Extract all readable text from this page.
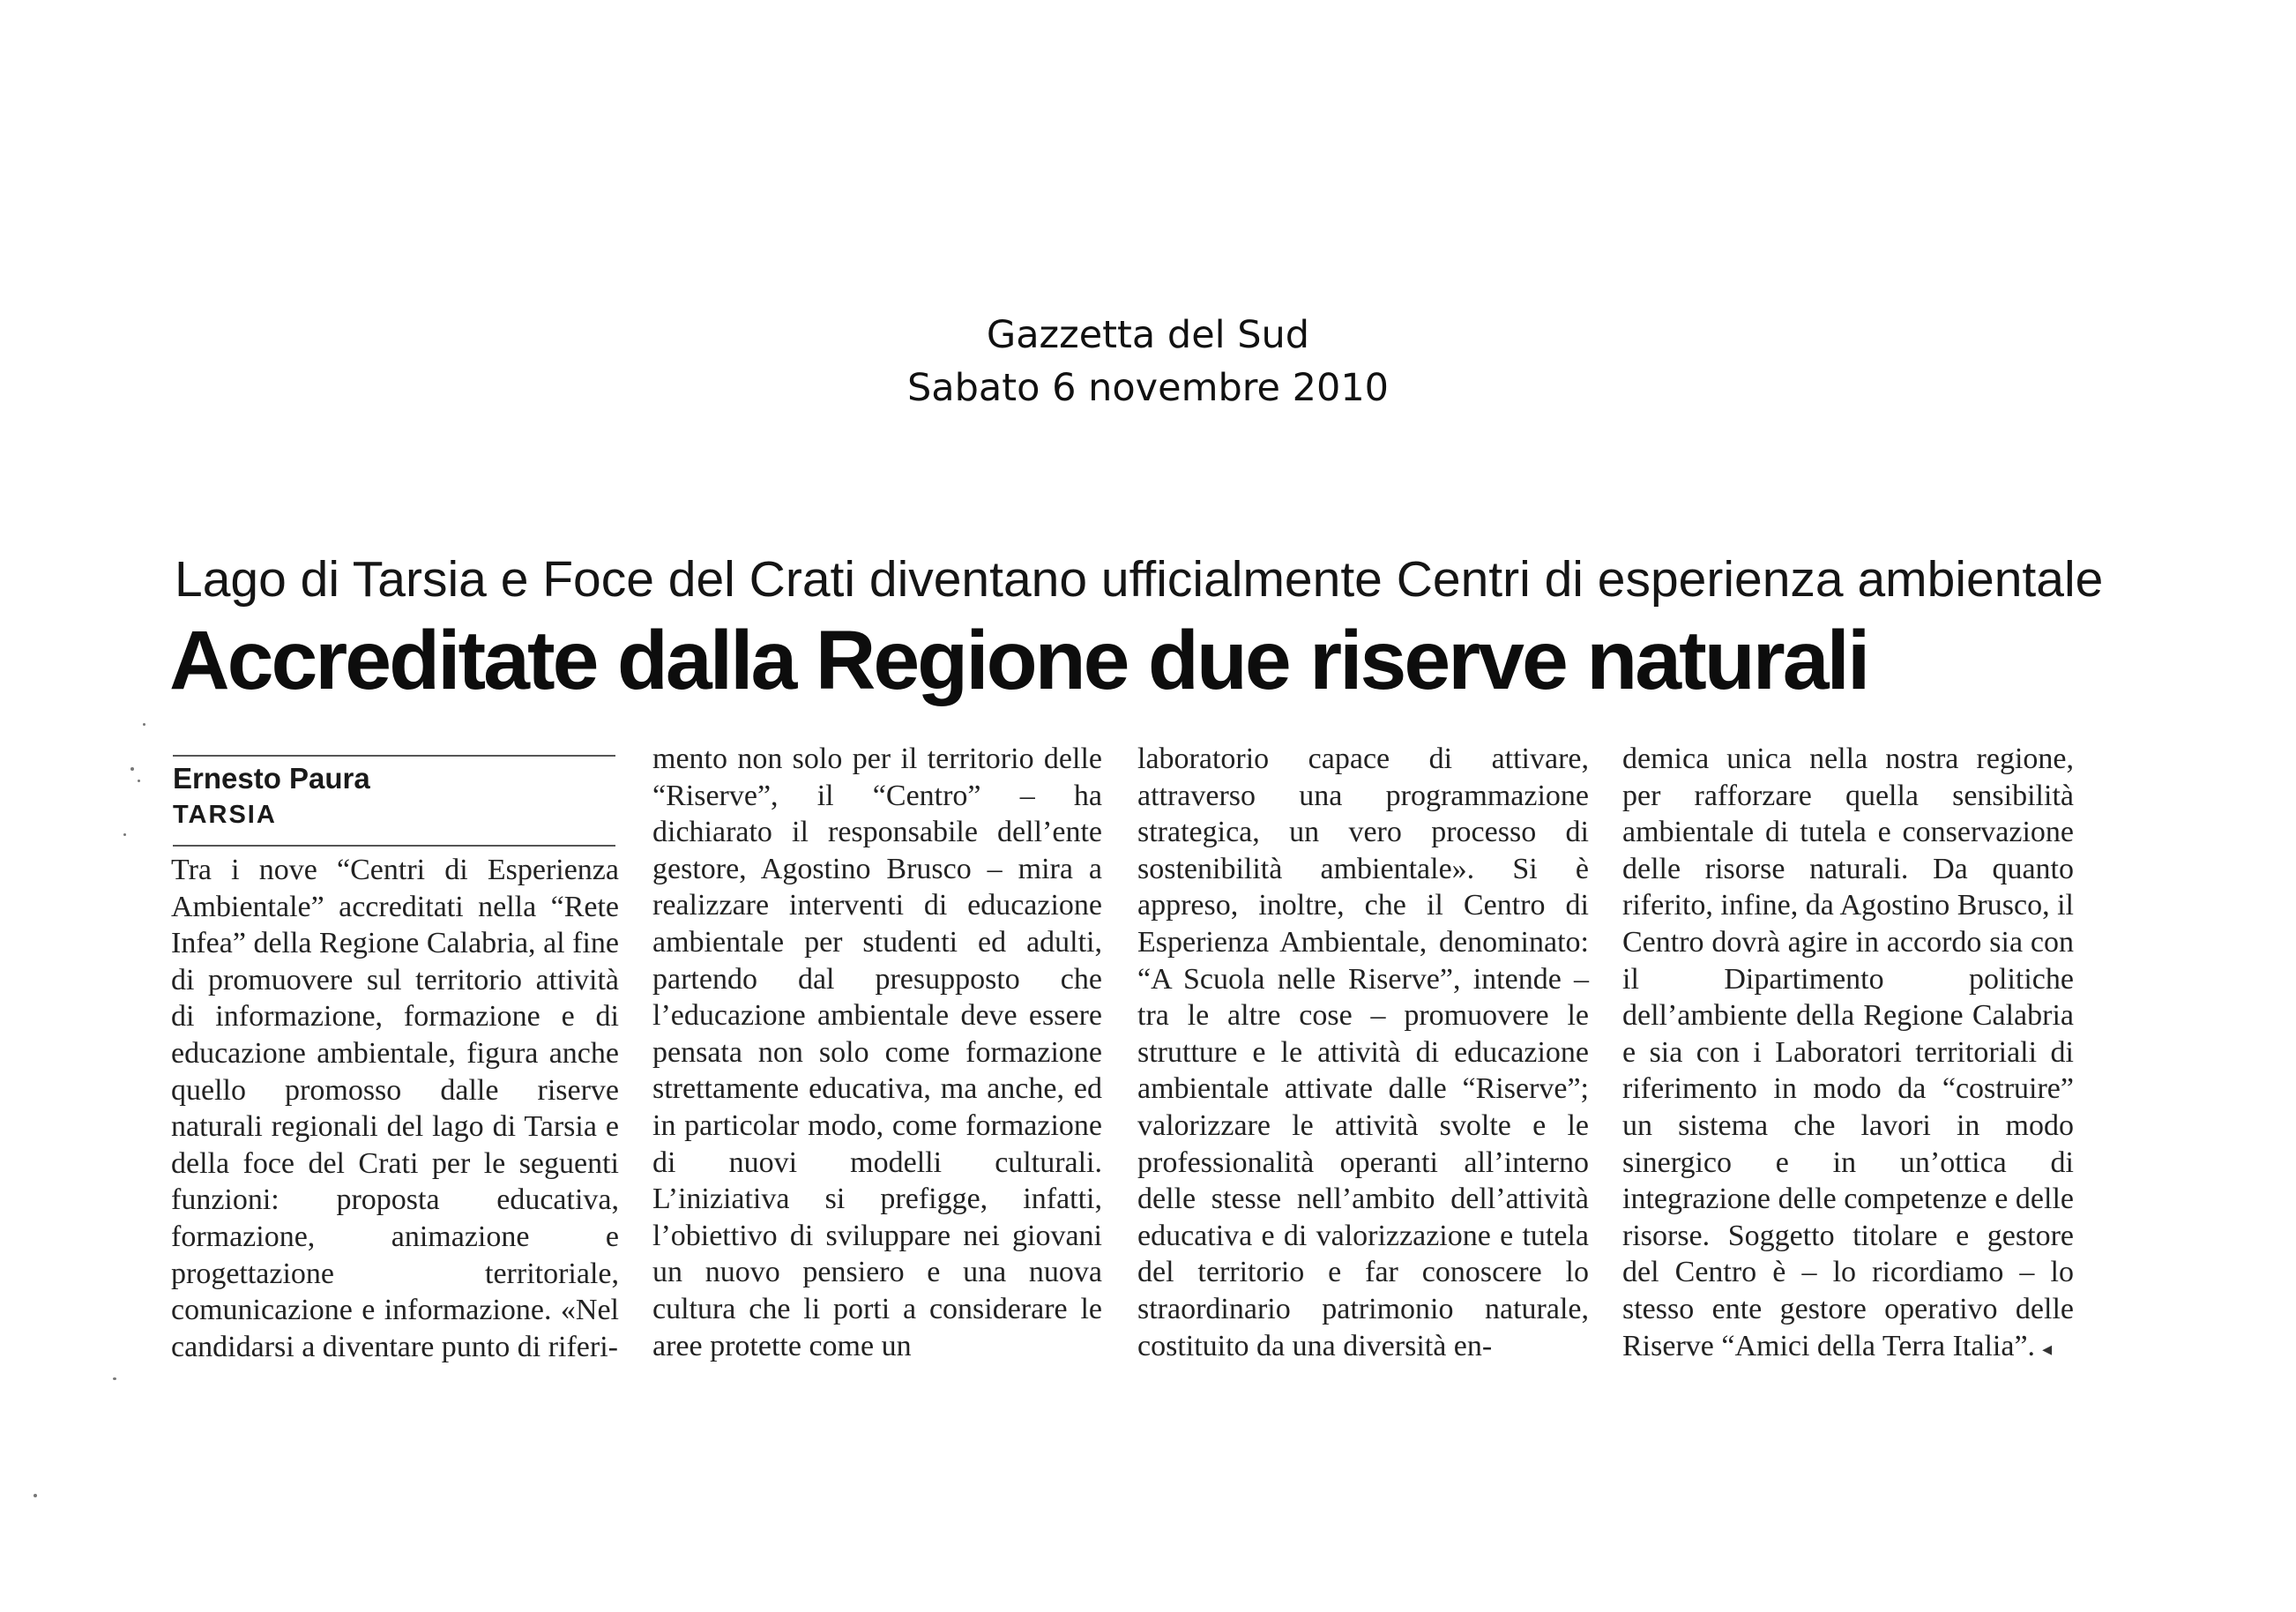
Gazzetta del Sud
Sabato 6 novembre 2010
Lago di Tarsia e Foce del Crati diventano ufficialmente Centri di esperienza ambientale
Accreditate dalla Regione due riserve naturali
Ernesto Paura
TARSIA

Tra i nove “Centri di Esperienza Ambientale” accreditati nella “Rete Infea” della Regione Calabria, al fine di promuovere sul territorio attività di informazione, formazione e di educazione ambientale, figura anche quello promosso dalle riserve naturali regionali del lago di Tarsia e della foce del Crati per le seguenti funzioni: proposta educativa, formazione, animazione e progettazione territoriale, comunicazione e informazione. «Nel candidarsi a diventare punto di riferi-

mento non solo per il territorio delle “Riserve”, il “Centro” – ha dichiarato il responsabile dell’ente gestore, Agostino Brusco – mira a realizzare interventi di educazione ambientale per studenti ed adulti, partendo dal presupposto che l’educazione ambientale deve essere pensata non solo come formazione strettamente educativa, ma anche, ed in particolar modo, come formazione di nuovi modelli culturali. L’iniziativa si prefigge, infatti, l’obiettivo di sviluppare nei giovani un nuovo pensiero e una nuova cultura che li porti a considerare le aree protette come un

laboratorio capace di attivare, attraverso una programmazione strategica, un vero processo di sostenibilità ambientale». Si è appreso, inoltre, che il Centro di Esperienza Ambientale, denominato: “A Scuola nelle Riserve”, intende – tra le altre cose – promuovere le strutture e le attività di educazione ambientale attivate dalle “Riserve”; valorizzare le attività svolte e le professionalità operanti all’interno delle stesse nell’ambito dell’attività educativa e di valorizzazione e tutela del territorio e far conoscere lo straordinario patrimonio naturale, costituito da una diversità en-

demica unica nella nostra regione, per rafforzare quella sensibilità ambientale di tutela e conservazione delle risorse naturali. Da quanto riferito, infine, da Agostino Brusco, il Centro dovrà agire in accordo sia con il Dipartimento politiche dell’ambiente della Regione Calabria e sia con i Laboratori territoriali di riferimento in modo da “costruire” un sistema che lavori in modo sinergico e in un’ottica di integrazione delle competenze e delle risorse. Soggetto titolare e gestore del Centro è – lo ricordiamo – lo stesso ente gestore operativo delle Riserve “Amici della Terra Italia”. ◂
